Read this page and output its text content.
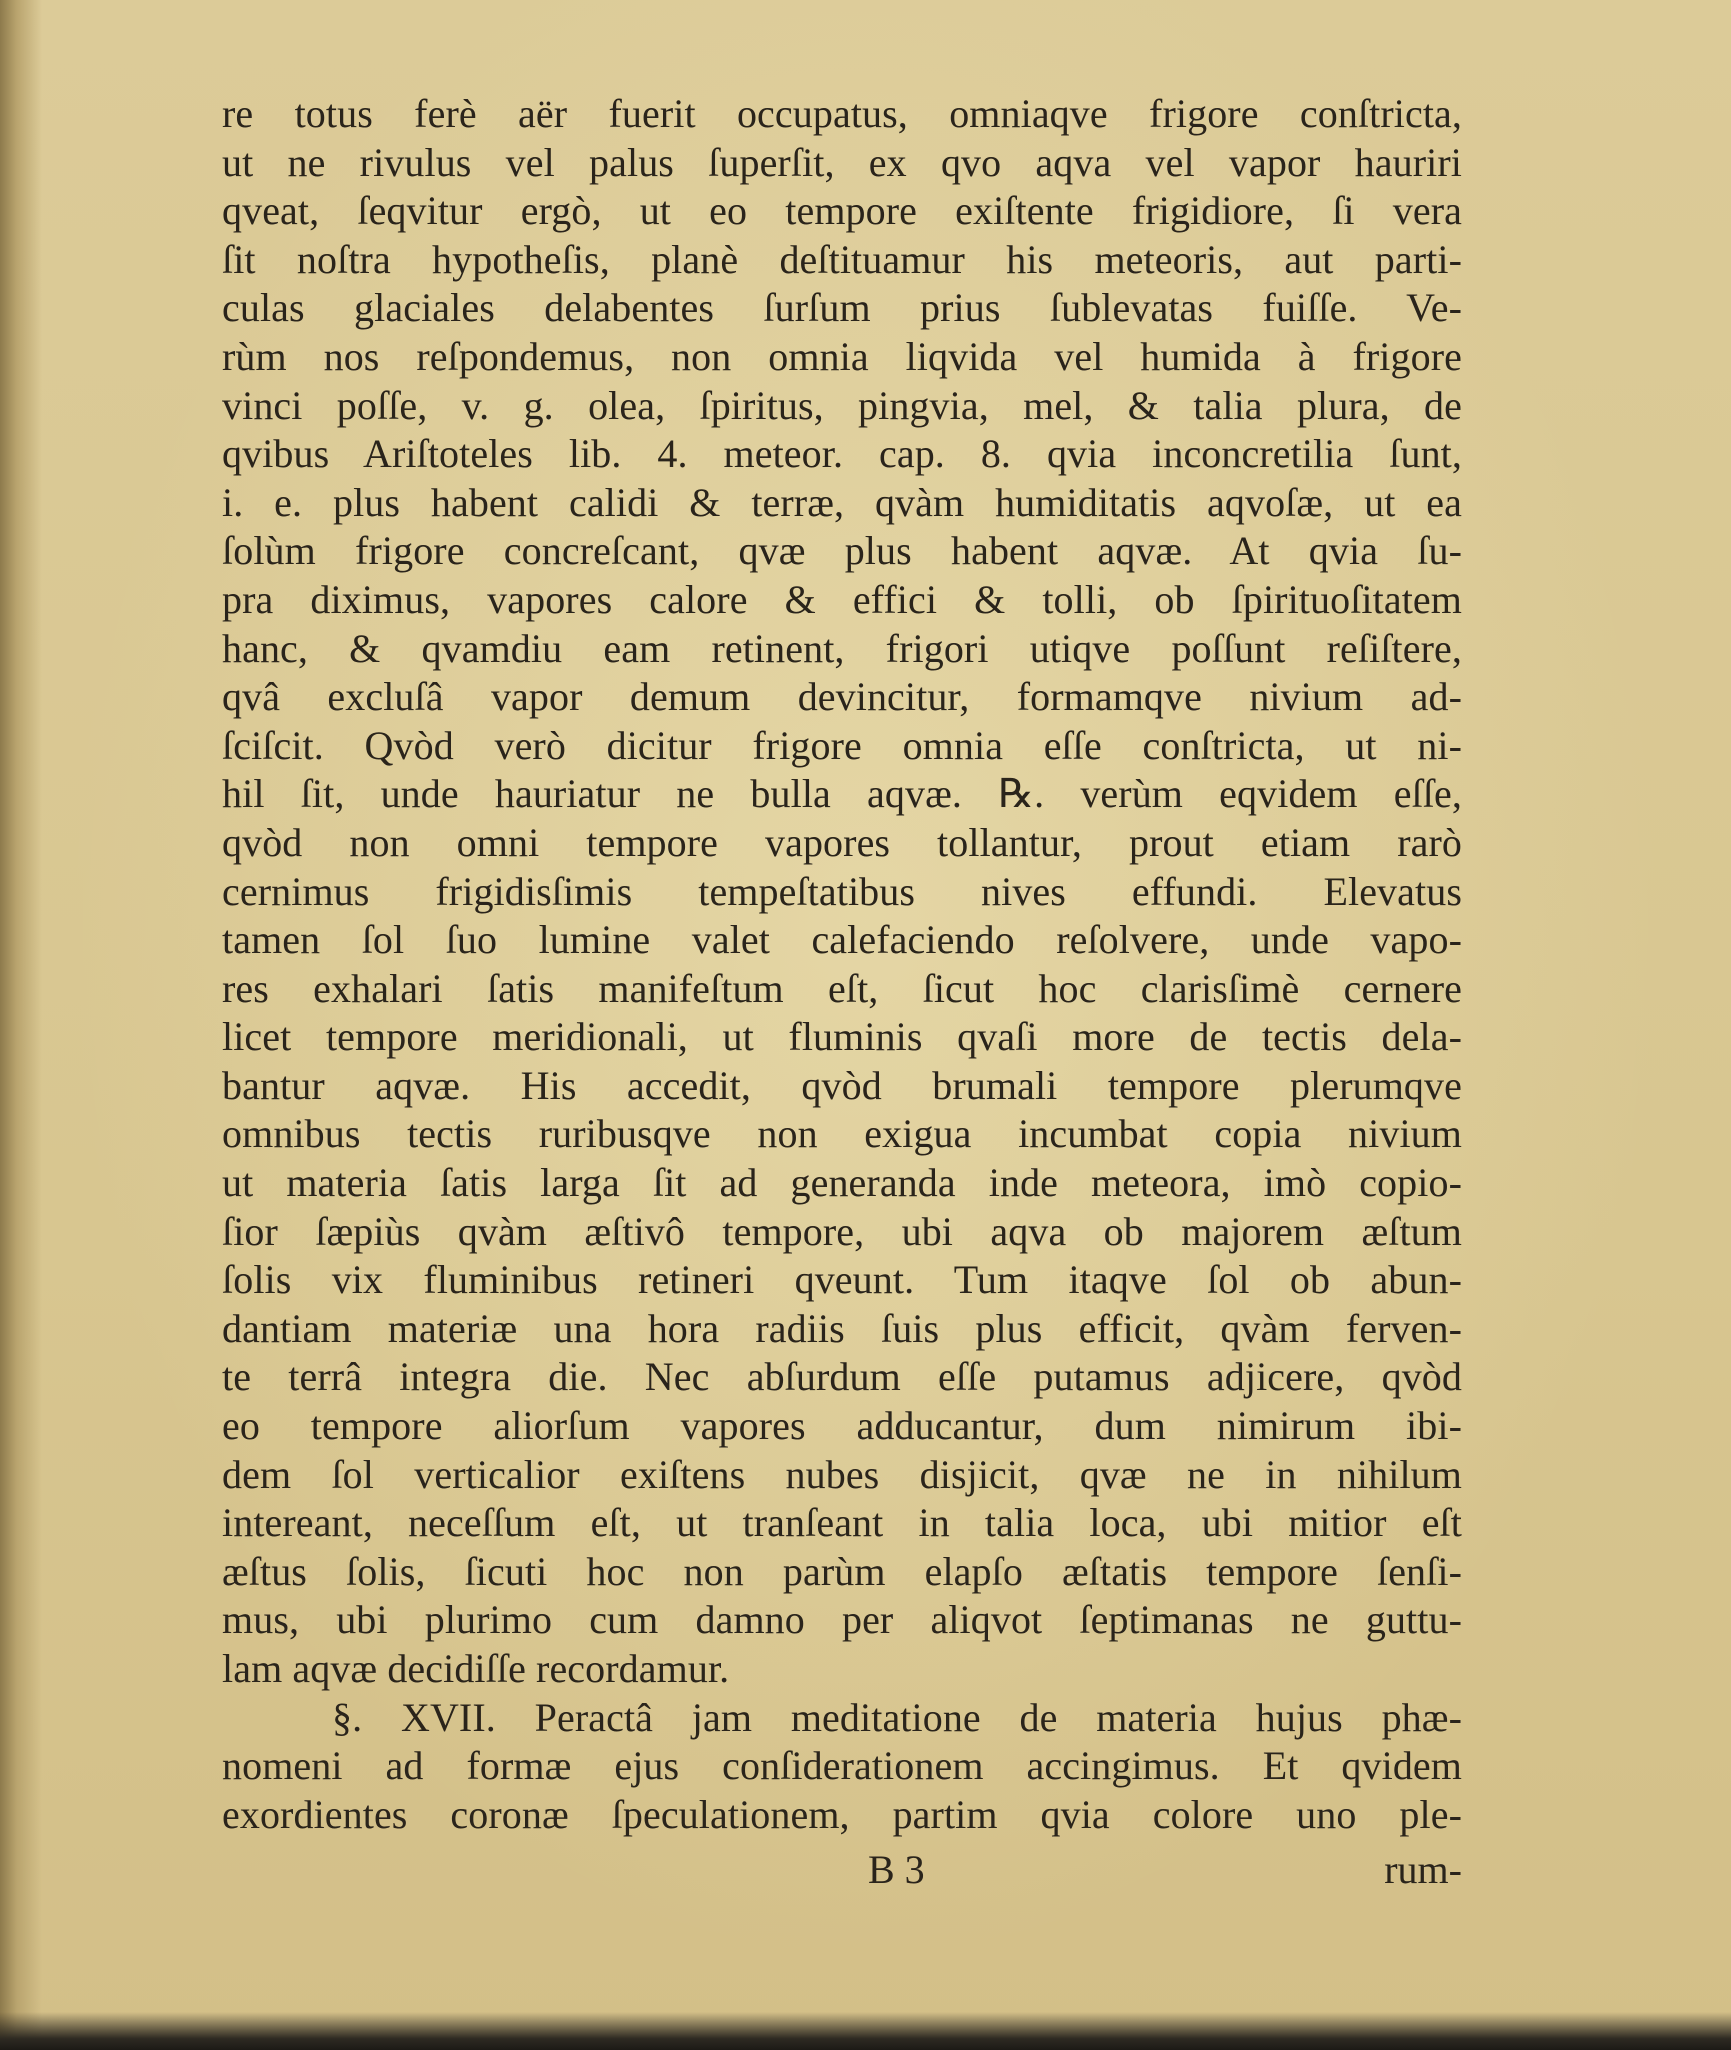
re totus ferè aër fuerit occupatus, omniaqve frigore conſtricta,
ut ne rivulus vel palus ſuperſit, ex qvo aqva vel vapor hauriri
qveat, ſeqvitur ergò, ut eo tempore exiſtente frigidiore, ſi vera
ſit noſtra hypotheſis, planè deſtituamur his meteoris, aut parti-
culas glaciales delabentes ſurſum prius ſublevatas fuiſſe. Ve-
rùm nos reſpondemus, non omnia liqvida vel humida à frigore
vinci poſſe, v. g. olea, ſpiritus, pingvia, mel, & talia plura, de
qvibus Ariſtoteles lib. 4. meteor. cap. 8. qvia inconcretilia ſunt,
i. e. plus habent calidi & terræ, qvàm humiditatis aqvoſæ, ut ea
ſolùm frigore concreſcant, qvæ plus habent aqvæ. At qvia ſu-
pra diximus, vapores calore & effici & tolli, ob ſpirituoſitatem
hanc, & qvamdiu eam retinent, frigori utiqve poſſunt reſiſtere,
qvâ excluſâ vapor demum devincitur, formamqve nivium ad-
ſciſcit. Qvòd verò dicitur frigore omnia eſſe conſtricta, ut ni-
hil ſit, unde hauriatur ne bulla aqvæ. ℞. verùm eqvidem eſſe,
qvòd non omni tempore vapores tollantur, prout etiam rarò
cernimus frigidisſimis tempeſtatibus nives effundi. Elevatus
tamen ſol ſuo lumine valet calefaciendo reſolvere, unde vapo-
res exhalari ſatis manifeſtum eſt, ſicut hoc clarisſimè cernere
licet tempore meridionali, ut fluminis qvaſi more de tectis dela-
bantur aqvæ. His accedit, qvòd brumali tempore plerumqve
omnibus tectis ruribusqve non exigua incumbat copia nivium
ut materia ſatis larga ſit ad generanda inde meteora, imò copio-
ſior ſæpiùs qvàm æſtivô tempore, ubi aqva ob majorem æſtum
ſolis vix fluminibus retineri qveunt. Tum itaqve ſol ob abun-
dantiam materiæ una hora radiis ſuis plus efficit, qvàm ferven-
te terrâ integra die. Nec abſurdum eſſe putamus adjicere, qvòd
eo tempore aliorſum vapores adducantur, dum nimirum ibi-
dem ſol verticalior exiſtens nubes disjicit, qvæ ne in nihilum
intereant, neceſſum eſt, ut tranſeant in talia loca, ubi mitior eſt
æſtus ſolis, ſicuti hoc non parùm elapſo æſtatis tempore ſenſi-
mus, ubi plurimo cum damno per aliqvot ſeptimanas ne guttu-
lam aqvæ decidiſſe recordamur.
§. XVII. Peractâ jam meditatione de materia hujus phæ-
nomeni ad formæ ejus conſiderationem accingimus. Et qvidem
exordientes coronæ ſpeculationem, partim qvia colore uno ple-
B 3	rum-
